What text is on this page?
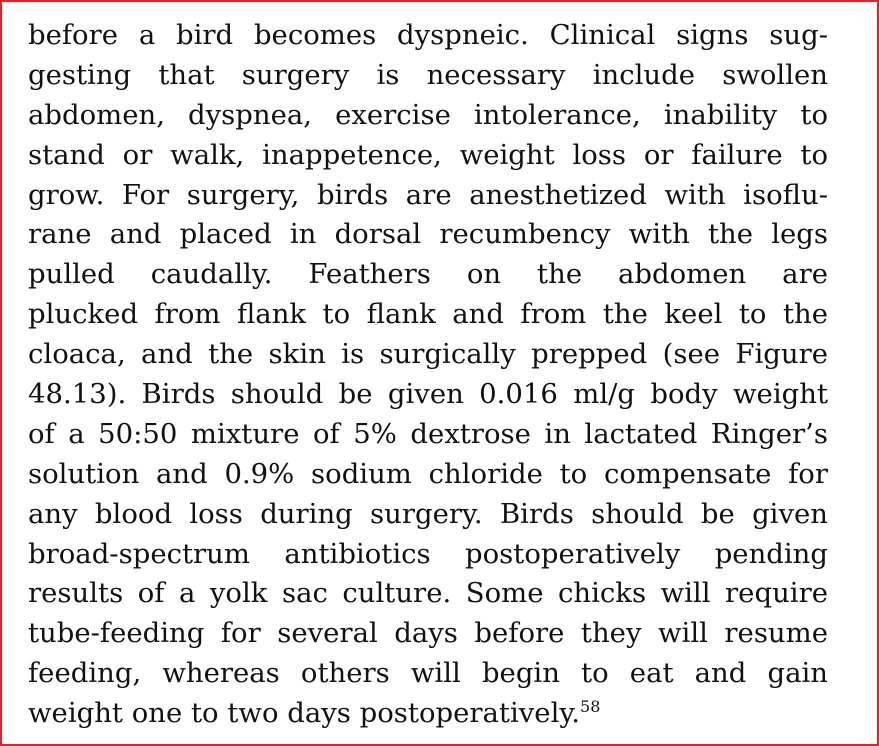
before a bird becomes dyspneic. Clinical signs sug-
gesting that surgery is necessary include swollen
abdomen, dyspnea, exercise intolerance, inability to
stand or walk, inappetence, weight loss or failure to
grow. For surgery, birds are anesthetized with isoflu-
rane and placed in dorsal recumbency with the legs
pulled caudally. Feathers on the abdomen are
plucked from flank to flank and from the keel to the
cloaca, and the skin is surgically prepped (see Figure
48.13). Birds should be given 0.016 ml/g body weight
of a 50:50 mixture of 5% dextrose in lactated Ringer’s
solution and 0.9% sodium chloride to compensate for
any blood loss during surgery. Birds should be given
broad-spectrum antibiotics postoperatively pending
results of a yolk sac culture. Some chicks will require
tube-feeding for several days before they will resume
feeding, whereas others will begin to eat and gain
weight one to two days postoperatively.$^{58}$
